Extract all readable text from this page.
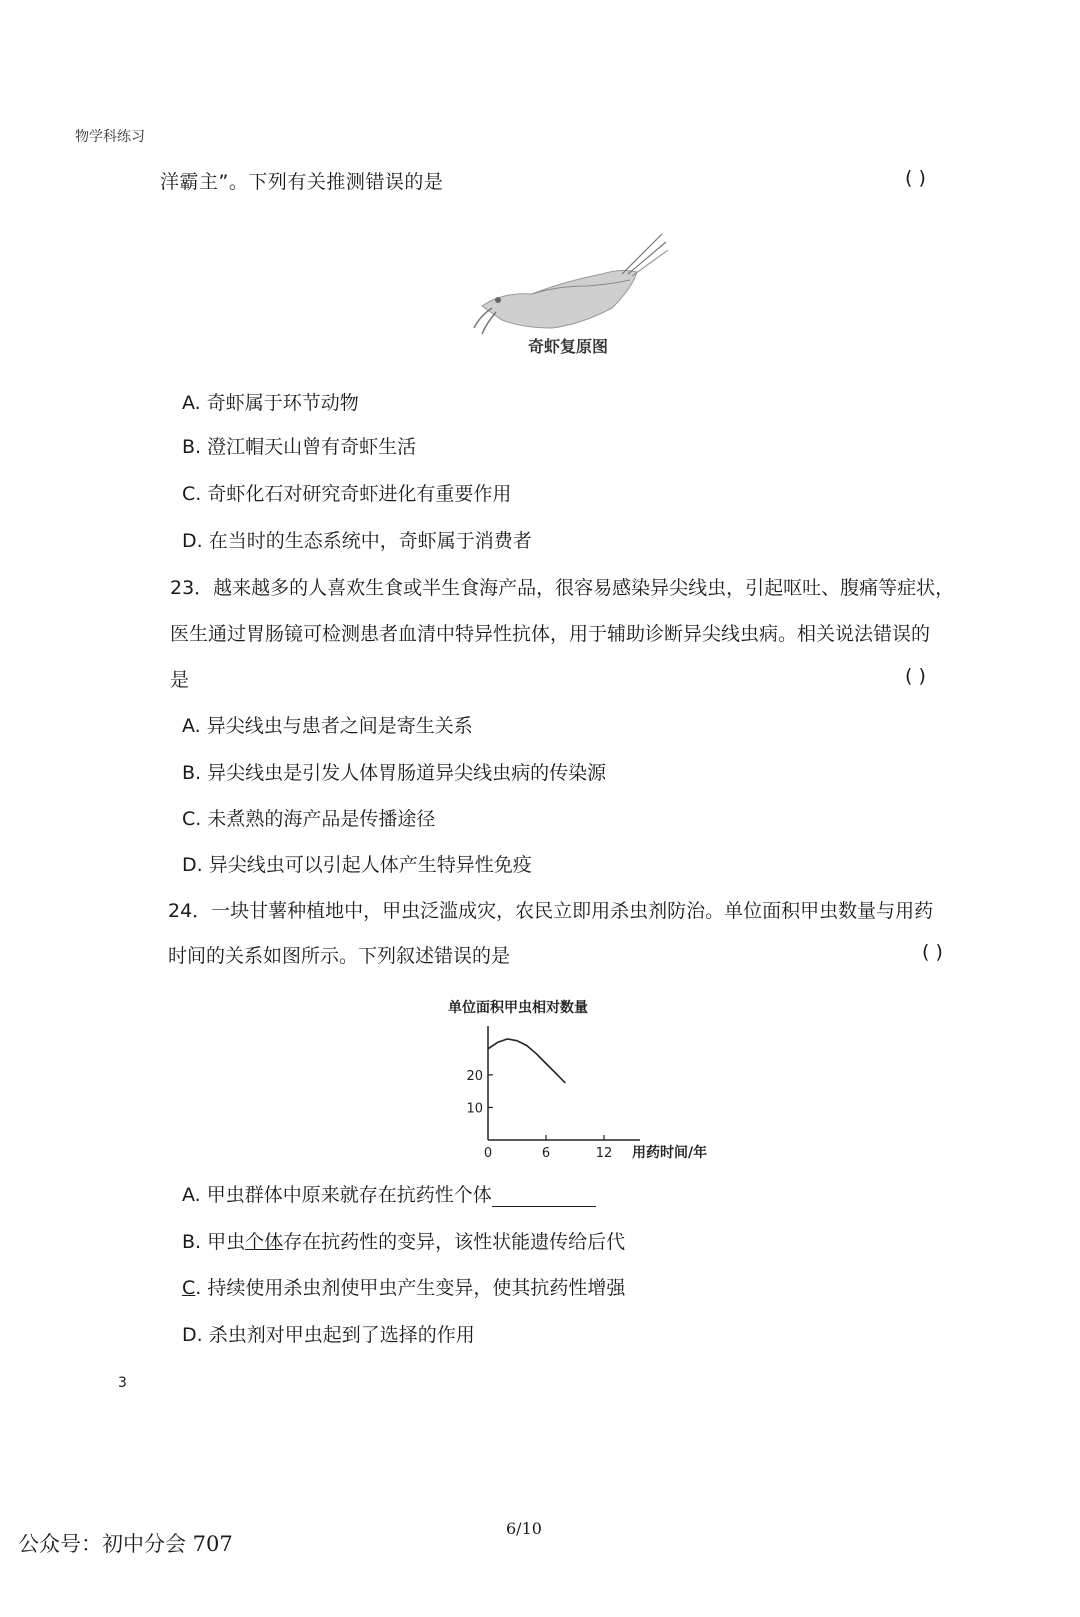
物学科练习
洋霸主”。下列有关推测错误的是	( )
奇虾复原图
A. 奇虾属于环节动物
B. 澄江帽天山曾有奇虾生活
C. 奇虾化石对研究奇虾进化有重要作用
D. 在当时的生态系统中，奇虾属于消费者
23．越来越多的人喜欢生食或半生食海产品，很容易感染异尖线虫，引起呕吐、腹痛等症状，
医生通过胃肠镜可检测患者血清中特异性抗体，用于辅助诊断异尖线虫病。相关说法错误的
是	( )
A. 异尖线虫与患者之间是寄生关系
B. 异尖线虫是引发人体胃肠道异尖线虫病的传染源
C. 未煮熟的海产品是传播途径
D. 异尖线虫可以引起人体产生特异性免疫
24．一块甘薯种植地中，甲虫泛滥成灾，农民立即用杀虫剂防治。单位面积甲虫数量与用药
时间的关系如图所示。下列叙述错误的是	( )
单位面积甲虫相对数量
0	6	12
10
20
用药时间/年
A. 甲虫群体中原来就存在抗药性个体
B. 甲虫个体存在抗药性的变异，该性状能遗传给后代
C. 持续使用杀虫剂使甲虫产生变异，使其抗药性增强
D. 杀虫剂对甲虫起到了选择的作用
3
6/10
公众号：初中分会 707
